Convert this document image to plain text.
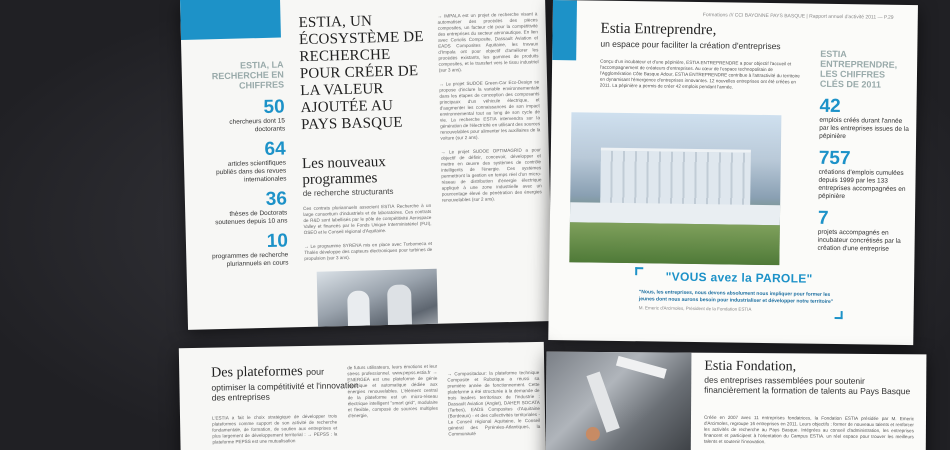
ESTIA, LA RECHERCHE EN CHIFFRES
50
chercheurs dont 15 doctorants
64
articles scientifiques publiés dans des revues internationales
36
thèses de Doctorats soutenues depuis 10 ans
10
programmes de recherche pluriannuels en cours
ESTIA, UN ÉCOSYSTÈME DE RECHERCHE POUR CRÉER DE LA VALEUR AJOUTÉE AU PAYS BASQUE
Les nouveaux programmes
de recherche structurants
Ces contrats pluriannuels associent ESTIA Recherche à un large consortium d'industriels et de laboratoires. Ces contrats de R&D sont labellisés par le pôle de compétitivité Aerospace Valley et financés par le Fonds Unique Interministériel (FUI), OSEO et le Conseil régional d'Aquitaine.
→ Le programme SYRENA mis en place avec Turbomeca et Thalès développe des capteurs électroniques pour turbines de propulsion (sur 3 ans).
→ IMPALA est un projet de recherche visant à automatiser des procédés des pièces composites, un facteur clé pour la compétitivité des entreprises du secteur aéronautique. En lien avec Coriolis Composite, Dassault Aviation et EADS Composites Aquitaine, les travaux d'Impala ont pour objectif d'améliorer les procédés existants, les gammes de produits composites, et le transfert vers le tissu industriel (sur 3 ans).
→ Le projet SUDOE Green-Car Eco-Design se propose d'inclure la variable environnementale dans les étapes de conception des composants principaux d'un véhicule électrique, et d'augmenter les connaissances de son impact environnemental tout au long de son cycle de vie. La recherche ESTIA intervendra sur la génération de l'électricité en utilisant des sources renouvelables pour alimenter les auxiliaires de la voiture (sur 2 ans).
→ Le projet SUDOE OPTIMAGRID a pour objectif de définir, concevoir, développer et mettre en œuvre des systèmes de contrôle intelligents de l'énergie. Ces systèmes permettront la gestion en temps réel d'un micro-réseau de distribution d'énergie électrique appliqué à une zone industrielle avec un pourcentage élevé de pénétration des énergies renouvelables (sur 2 ans).
Formations /// CCI BAYONNE PAYS BASQUE | Rapport annuel d'activité 2011 — P.29
Estia Entreprendre,
un espace pour faciliter la création d'entreprises
Conçu d'un incubateur et d'une pépinière, ESTIA ENTREPRENDRE a pour objectif l'accueil et l'accompagnement de créateurs d'entreprises. Au cœur de l'espace technopolitain de l'Agglomération Côte Basque Adour, ESTIA ENTREPRENDRE contribue à l'attractivité du territoire en dynamisant l'émergence d'entreprises innovantes. 12 nouvelles entreprises ont été créées en 2011. La pépinière a permis de créer 42 emplois pendant l'année.
ESTIA ENTREPRENDRE, LES CHIFFRES CLÉS DE 2011
42
emplois créés durant l'année par les entreprises issues de la pépinière
757
créations d'emplois cumulées depuis 1999 par les 133 entreprises accompagnées en pépinière
7
projets accompagnés en incubateur concrétisés par la création d'une entreprise
"VOUS avez la PAROLE"
"Nous, les entreprises, nous devons absolument nous impliquer pour former les jeunes dont nous aurons besoin pour industrialiser et développer notre territoire"
M. Emeric d'Arcimoles, Président de la Fondation ESTIA
Des plateformes pour
optimiser la compétitivité et l'innovation des entreprises
L'ESTIA a fait le choix stratégique de développer trois plateformes comme support de son activité de recherche fondamentale, de formation, de soutien aux entreprises et plus largement de développement territorial : → PEPSS : la plateforme PEPSS est une mutualisation
de futurs utilisateurs, leurs émotions et leur stress professionnel. www.pepss.estia.fr → ENERGEA est une plateforme de génie électrique et automatique dédiée aux énergies renouvelables. L'élément central de la plateforme est un micro-réseau électrique intelligent "smart grid", modulaire et flexible, composé de sources multiples d'énergie,
→ Compositadour: la plateforme technique Composite et Robotique a réussi sa première année de fonctionnement. Cette plateforme a été structurée à la demande de trois leaders territoriaux de l'industrie : Dassault Aviation (Anglet), DAHER SOCATA (Tarbes), EADS Composites d'Aquitaine (Bordeaux) - et des collectivités territoriales - Le Conseil régional Aquitaine, le Conseil général des Pyrénées-Atlantiques, la Communauté
Estia Fondation,
des entreprises rassemblées pour soutenir financièrement la formation de talents au Pays Basque
Créée en 2007 avec 11 entreprises fondatrices, la Fondation ESTIA présidée par M. Emeric d'Arcimoles, regroupe 16 entreprises en 2011. Leurs objectifs : former de nouveaux talents et renforcer les activités de recherche au Pays Basque. Intégrées au conseil d'administration, les entreprises financent et participent à l'orientation du Campus ESTIA. un réel espace pour trouver les meilleurs talents et soutenir l'innovation.
